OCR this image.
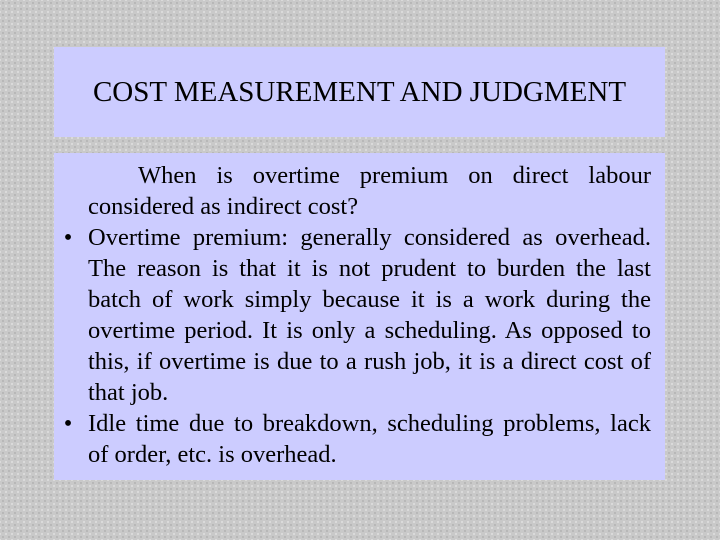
COST MEASUREMENT AND JUDGMENT
When is overtime premium on direct labour considered as indirect cost?
• Overtime premium: generally considered as overhead. The reason is that it is not prudent to burden the last batch of work simply because it is a work during the overtime period. It is only a scheduling. As opposed to this, if overtime is due to a rush job, it is a direct cost of that job.
• Idle time due to breakdown, scheduling problems, lack of order, etc. is overhead.
